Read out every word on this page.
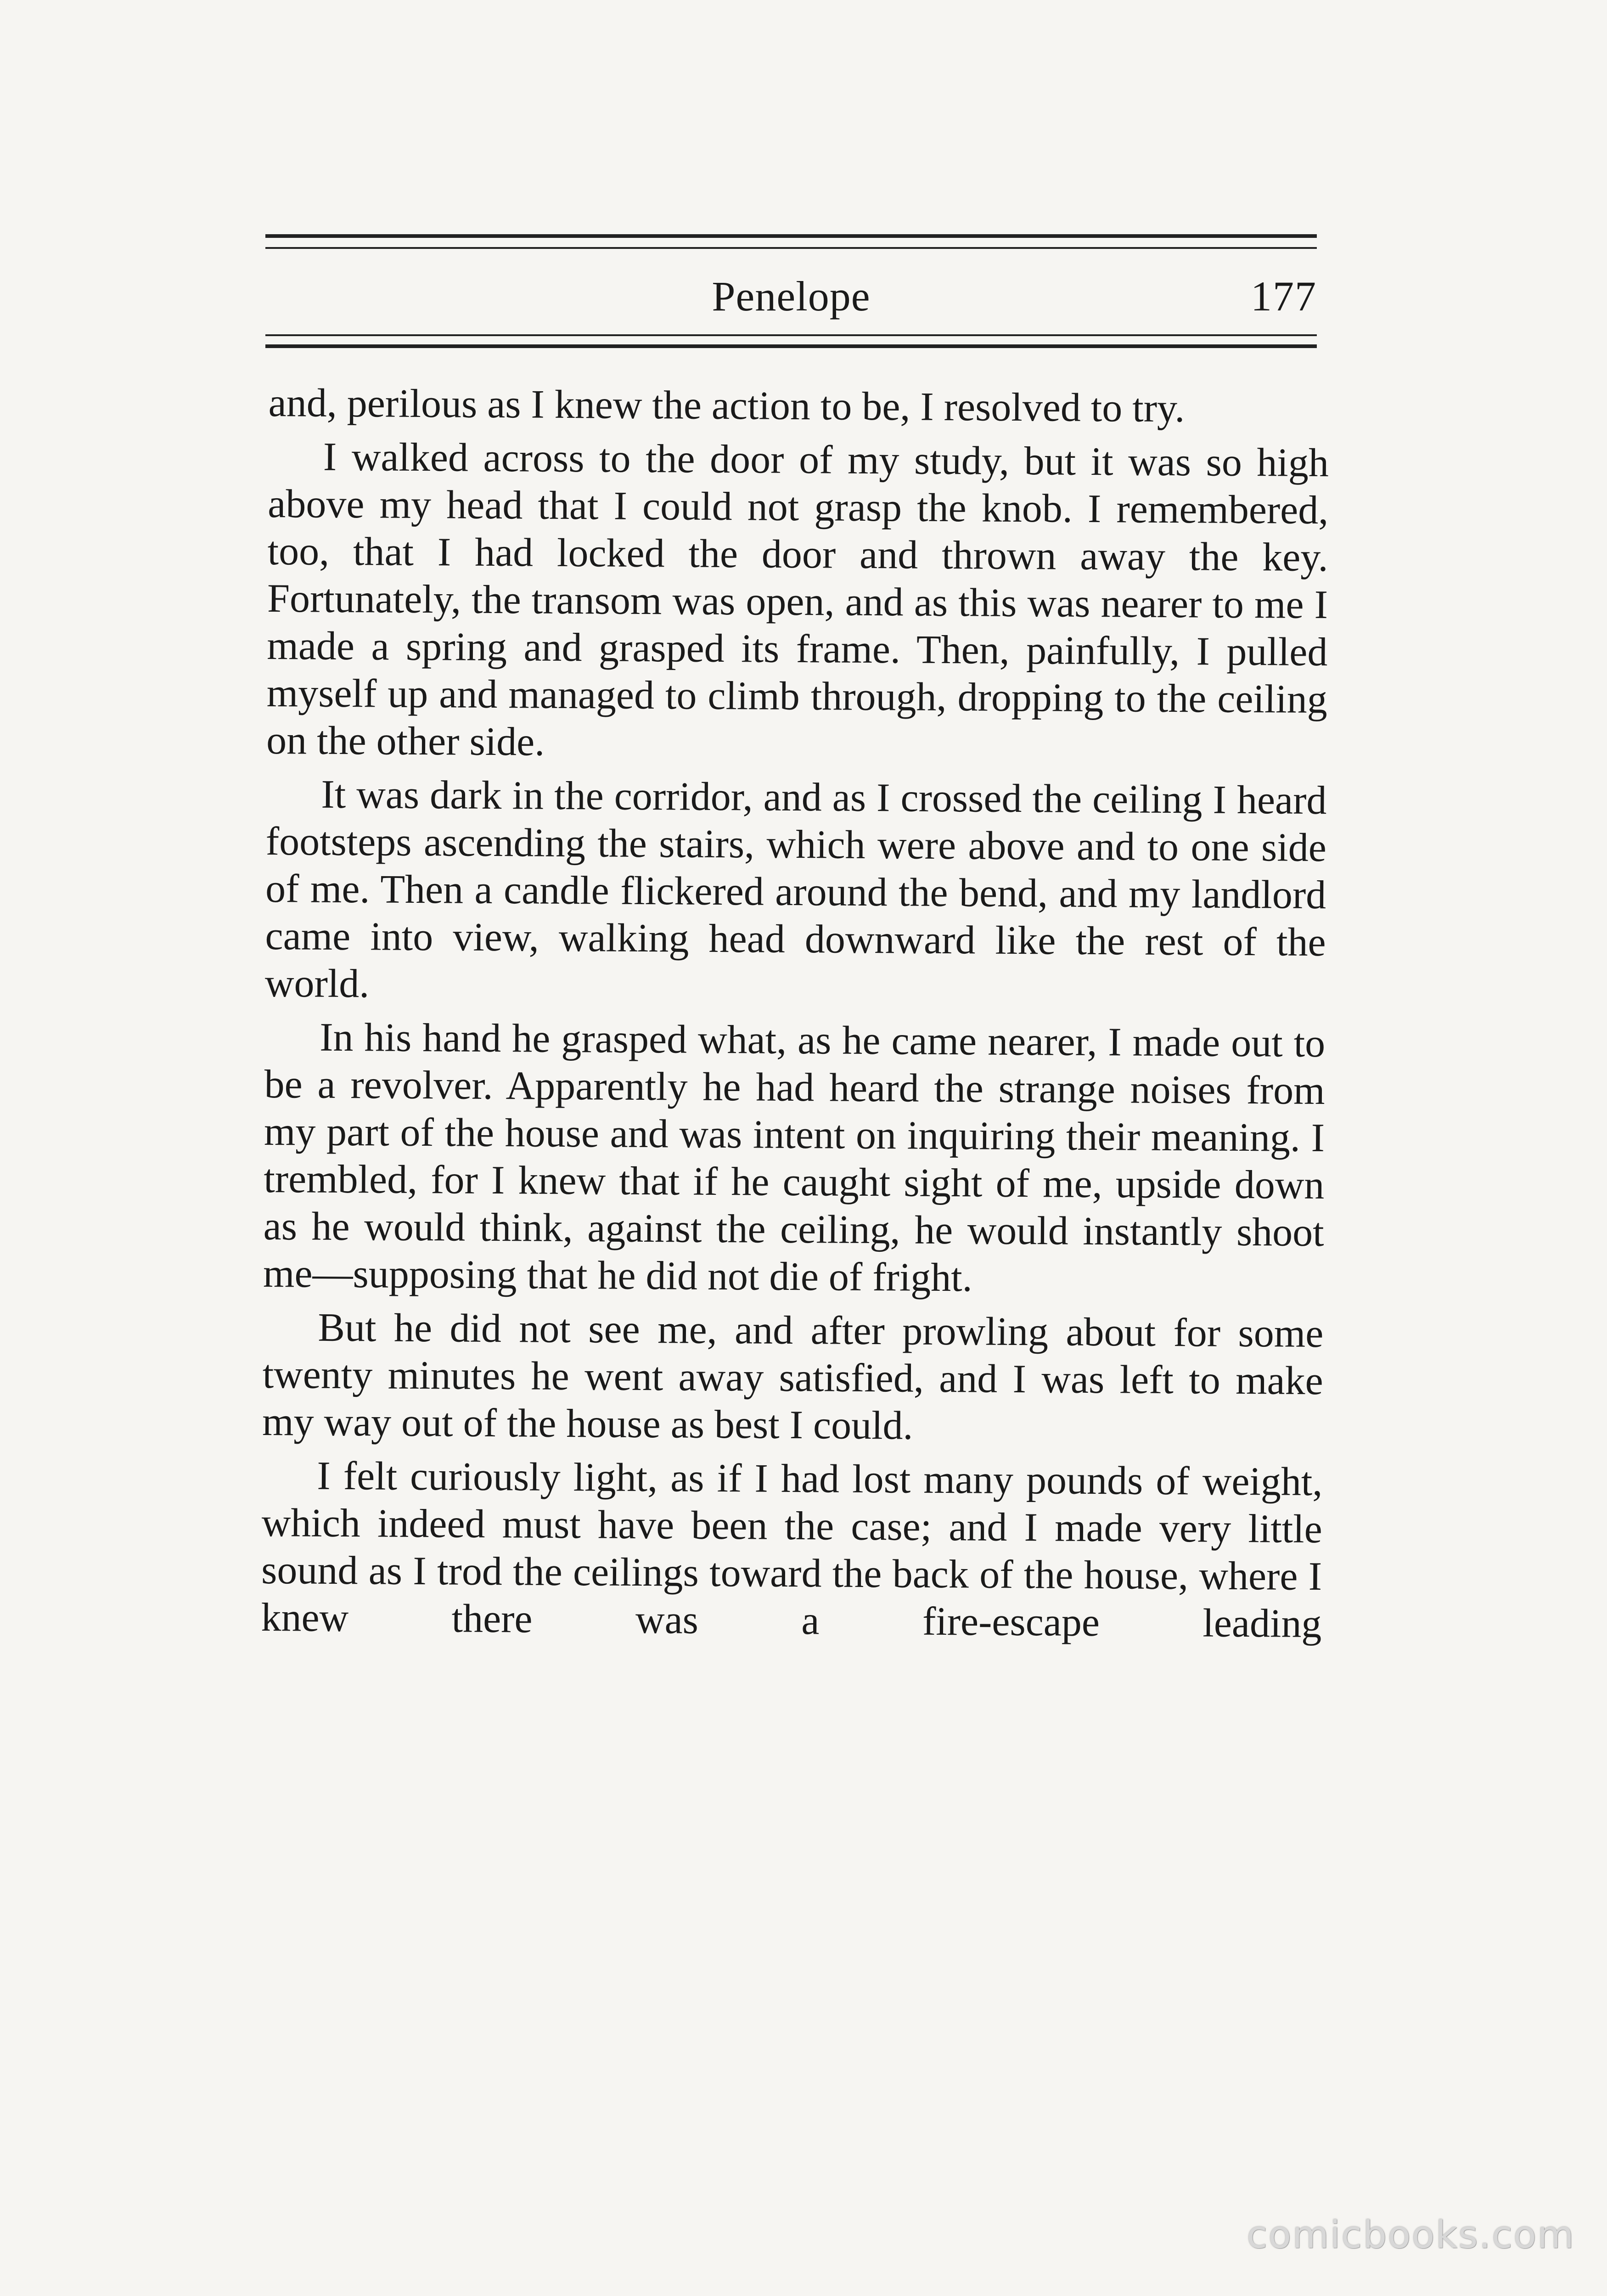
Penelope	177

and, perilous as I knew the action to be, I resolved to try.

I walked across to the door of my study, but it was so high above my head that I could not grasp the knob. I remembered, too, that I had locked the door and thrown away the key. Fortunately, the transom was open, and as this was nearer to me I made a spring and grasped its frame. Then, painfully, I pulled myself up and managed to climb through, dropping to the ceiling on the other side.

It was dark in the corridor, and as I crossed the ceiling I heard footsteps ascending the stairs, which were above and to one side of me. Then a candle flickered around the bend, and my landlord came into view, walking head downward like the rest of the world.

In his hand he grasped what, as he came nearer, I made out to be a revolver. Apparently he had heard the strange noises from my part of the house and was intent on inquiring their meaning. I trembled, for I knew that if he caught sight of me, upside down as he would think, against the ceiling, he would instantly shoot me—supposing that he did not die of fright.

But he did not see me, and after prowling about for some twenty minutes he went away satisfied, and I was left to make my way out of the house as best I could.

I felt curiously light, as if I had lost many pounds of weight, which indeed must have been the case; and I made very little sound as I trod the ceilings toward the back of the house, where I knew there was a fire-escape leading

comicbooks.com
